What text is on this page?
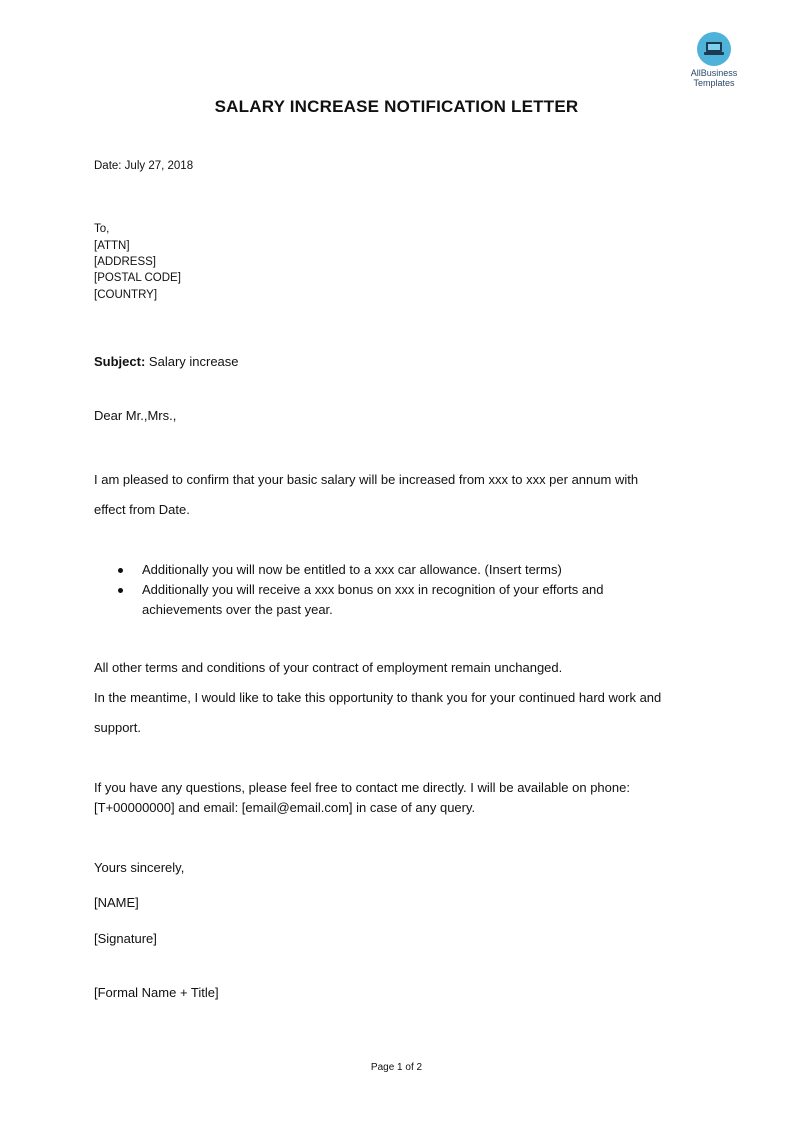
AllBusiness
Templates
SALARY INCREASE NOTIFICATION LETTER
Date: July 27, 2018
To,
[ATTN]
[ADDRESS]
[POSTAL CODE]
[COUNTRY]
Subject: Salary increase
Dear Mr.,Mrs.,
I am pleased to confirm that your basic salary will be increased from xxx to xxx per annum with
effect from Date.
Additionally you will now be entitled to a xxx car allowance. (Insert terms)
Additionally you will receive a xxx bonus on xxx in recognition of your efforts and
achievements over the past year.
All other terms and conditions of your contract of employment remain unchanged.
In the meantime, I would like to take this opportunity to thank you for your continued hard work and
support.
If you have any questions, please feel free to contact me directly. I will be available on phone:
[T+00000000] and email: [email@email.com] in case of any query.
Yours sincerely,
[NAME]
[Signature]
[Formal Name + Title]
Page 1 of 2
